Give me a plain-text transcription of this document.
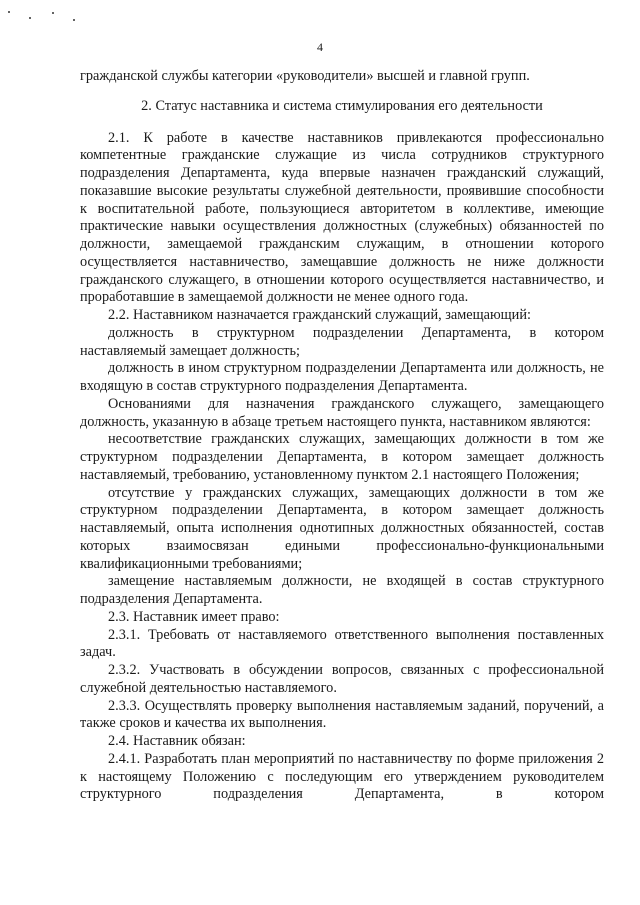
4

гражданской службы категории «руководители» высшей и главной групп.

2. Статус наставника и система стимулирования его деятельности

2.1. К работе в качестве наставников привлекаются профессионально компетентные гражданские служащие из числа сотрудников структурного подразделения Департамента, куда впервые назначен гражданский служащий, показавшие высокие результаты служебной деятельности, проявившие способности к воспитательной работе, пользующиеся авторитетом в коллективе, имеющие практические навыки осуществления должностных (служебных) обязанностей по должности, замещаемой гражданским служащим, в отношении которого осуществляется наставничество, замещавшие должность не ниже должности гражданского служащего, в отношении которого осуществляется наставничество, и проработавшие в замещаемой должности не менее одного года.

2.2. Наставником назначается гражданский служащий, замещающий:

должность в структурном подразделении Департамента, в котором наставляемый замещает должность;

должность в ином структурном подразделении Департамента или должность, не входящую в состав структурного подразделения Департамента.

Основаниями для назначения гражданского служащего, замещающего должность, указанную в абзаце третьем настоящего пункта, наставником являются:

несоответствие гражданских служащих, замещающих должности в том же структурном подразделении Департамента, в котором замещает должность наставляемый, требованию, установленному пунктом 2.1 настоящего Положения;

отсутствие у гражданских служащих, замещающих должности в том же структурном подразделении Департамента, в котором замещает должность наставляемый, опыта исполнения однотипных должностных обязанностей, состав которых взаимосвязан едиными профессионально-функциональными квалификационными требованиями;

замещение наставляемым должности, не входящей в состав структурного подразделения Департамента.

2.3. Наставник имеет право:

2.3.1. Требовать от наставляемого ответственного выполнения поставленных задач.

2.3.2. Участвовать в обсуждении вопросов, связанных с профессиональной служебной деятельностью наставляемого.

2.3.3. Осуществлять проверку выполнения наставляемым заданий, поручений, а также сроков и качества их выполнения.

2.4. Наставник обязан:

2.4.1. Разработать план мероприятий по наставничеству по форме приложения 2 к настоящему Положению с последующим его утверждением руководителем структурного подразделения Департамента, в котором
